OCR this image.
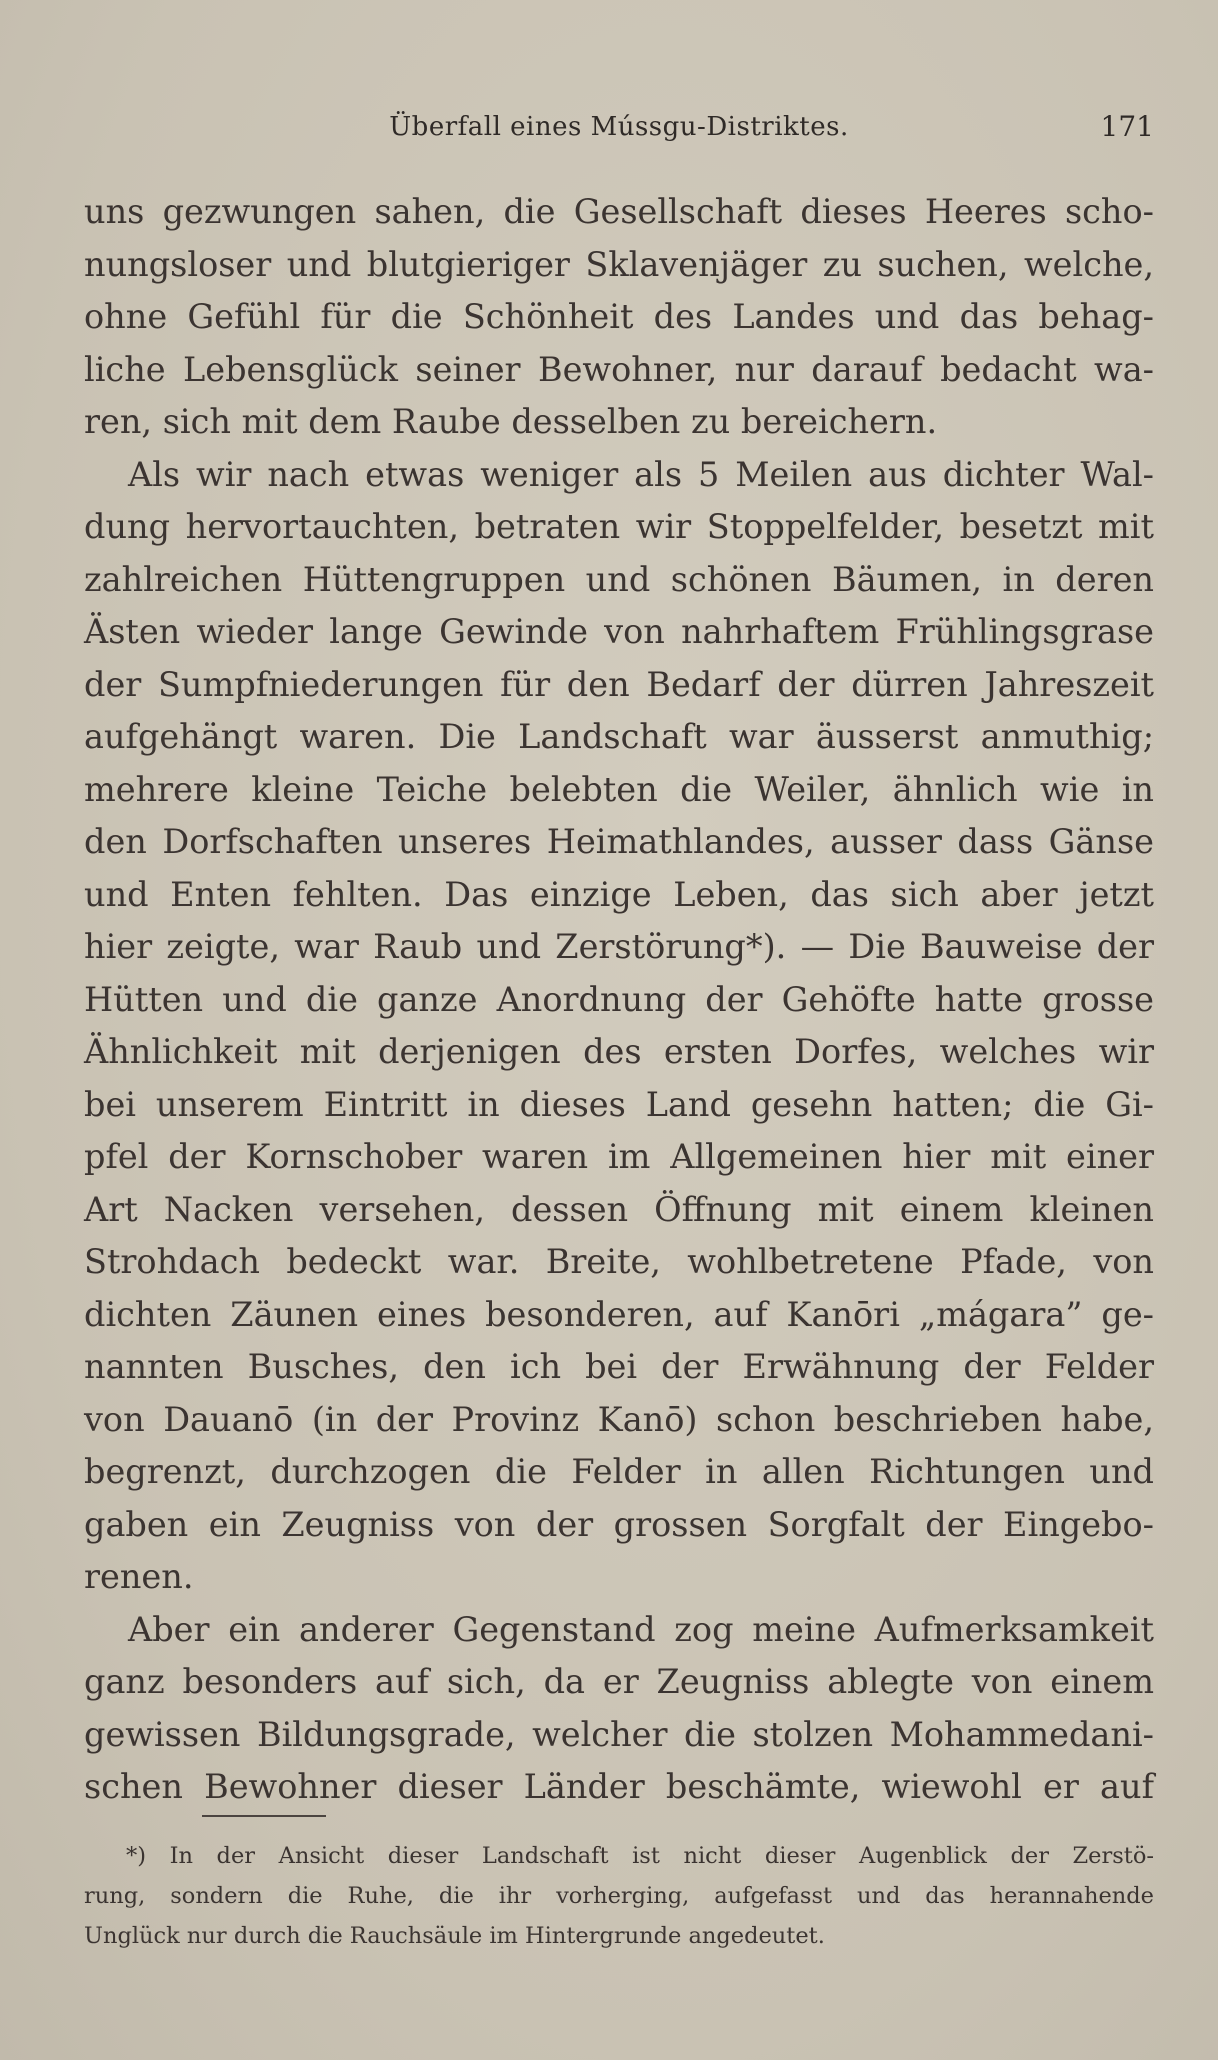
Überfall eines Mússgu-Distriktes.	171
uns gezwungen sahen, die Gesellschaft dieses Heeres scho-
nungsloser und blutgieriger Sklavenjäger zu suchen, welche,
ohne Gefühl für die Schönheit des Landes und das behag-
liche Lebensglück seiner Bewohner, nur darauf bedacht wa-
ren, sich mit dem Raube desselben zu bereichern.
Als wir nach etwas weniger als 5 Meilen aus dichter Wal-
dung hervortauchten, betraten wir Stoppelfelder, besetzt mit
zahlreichen Hüttengruppen und schönen Bäumen, in deren
Ästen wieder lange Gewinde von nahrhaftem Frühlingsgrase
der Sumpfniederungen für den Bedarf der dürren Jahreszeit
aufgehängt waren. Die Landschaft war äusserst anmuthig;
mehrere kleine Teiche belebten die Weiler, ähnlich wie in
den Dorfschaften unseres Heimathlandes, ausser dass Gänse
und Enten fehlten. Das einzige Leben, das sich aber jetzt
hier zeigte, war Raub und Zerstörung*). — Die Bauweise der
Hütten und die ganze Anordnung der Gehöfte hatte grosse
Ähnlichkeit mit derjenigen des ersten Dorfes, welches wir
bei unserem Eintritt in dieses Land gesehn hatten; die Gi-
pfel der Kornschober waren im Allgemeinen hier mit einer
Art Nacken versehen, dessen Öffnung mit einem kleinen
Strohdach bedeckt war. Breite, wohlbetretene Pfade, von
dichten Zäunen eines besonderen, auf Kanōri „mágara” ge-
nannten Busches, den ich bei der Erwähnung der Felder
von Dauanō (in der Provinz Kanō) schon beschrieben habe,
begrenzt, durchzogen die Felder in allen Richtungen und
gaben ein Zeugniss von der grossen Sorgfalt der Eingebo-
renen.
Aber ein anderer Gegenstand zog meine Aufmerksamkeit
ganz besonders auf sich, da er Zeugniss ablegte von einem
gewissen Bildungsgrade, welcher die stolzen Mohammedani-
schen Bewohner dieser Länder beschämte, wiewohl er auf
*) In der Ansicht dieser Landschaft ist nicht dieser Augenblick der Zerstö-
rung, sondern die Ruhe, die ihr vorherging, aufgefasst und das herannahende
Unglück nur durch die Rauchsäule im Hintergrunde angedeutet.
